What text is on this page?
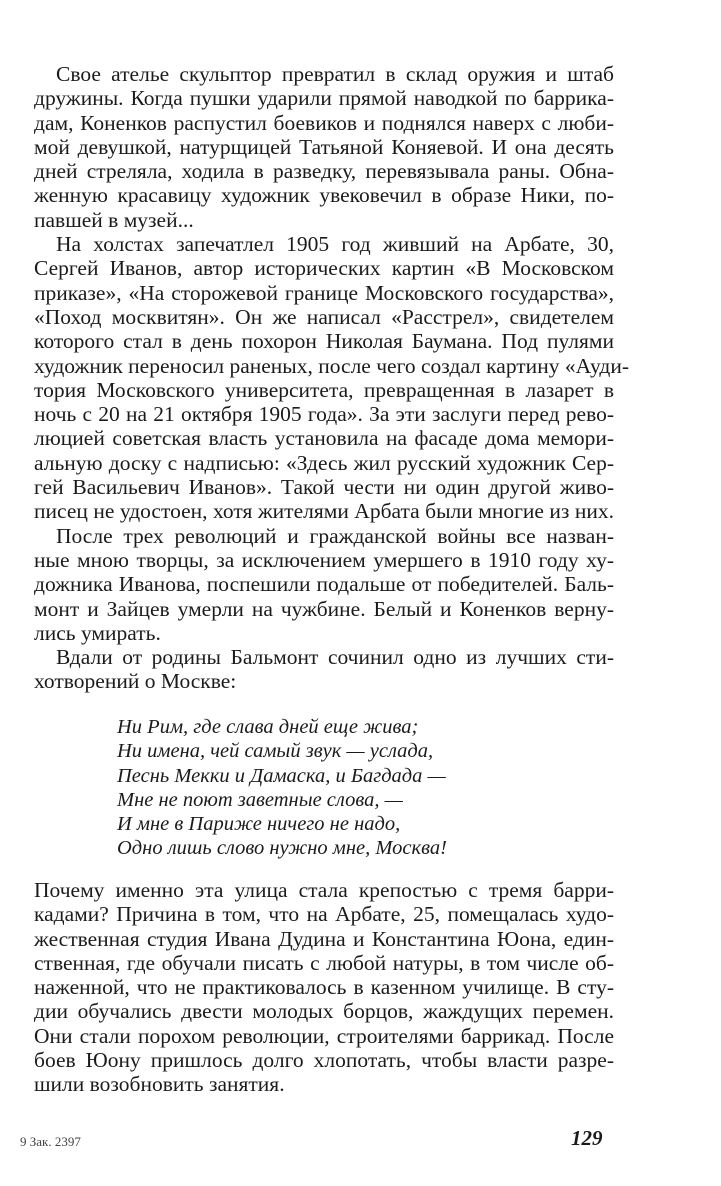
Свое ателье скульптор превратил в склад оружия и штаб
дружины. Когда пушки ударили прямой наводкой по баррика-
дам, Коненков распустил боевиков и поднялся наверх с люби-
мой девушкой, натурщицей Татьяной Коняевой. И она десять
дней стреляла, ходила в разведку, перевязывала раны. Обна-
женную красавицу художник увековечил в образе Ники, по-
павшей в музей...
На холстах запечатлел 1905 год живший на Арбате, 30,
Сергей Иванов, автор исторических картин «В Московском
приказе», «На сторожевой границе Московского государства»,
«Поход москвитян». Он же написал «Расстрел», свидетелем
которого стал в день похорон Николая Баумана. Под пулями
художник переносил раненых, после чего создал картину «Ауди-
тория Московского университета, превращенная в лазарет в
ночь с 20 на 21 октября 1905 года». За эти заслуги перед рево-
люцией советская власть установила на фасаде дома мемори-
альную доску с надписью: «Здесь жил русский художник Сер-
гей Васильевич Иванов». Такой чести ни один другой живо-
писец не удостоен, хотя жителями Арбата были многие из них.
После трех революций и гражданской войны все назван-
ные мною творцы, за исключением умершего в 1910 году ху-
дожника Иванова, поспешили подальше от победителей. Баль-
монт и Зайцев умерли на чужбине. Белый и Коненков верну-
лись умирать.
Вдали от родины Бальмонт сочинил одно из лучших сти-
хотворений о Москве:
Ни Рим, где слава дней еще жива;
Ни имена, чей самый звук — услада,
Песнь Мекки и Дамаска, и Багдада —
Мне не поют заветные слова, —
И мне в Париже ничего не надо,
Одно лишь слово нужно мне, Москва!
Почему именно эта улица стала крепостью с тремя барри-
кадами? Причина в том, что на Арбате, 25, помещалась худо-
жественная студия Ивана Дудина и Константина Юона, един-
ственная, где обучали писать с любой натуры, в том числе об-
наженной, что не практиковалось в казенном училище. В сту-
дии обучались двести молодых борцов, жаждущих перемен.
Они стали порохом революции, строителями баррикад. После
боев Юону пришлось долго хлопотать, чтобы власти разре-
шили возобновить занятия.
9 Зак. 2397	129
